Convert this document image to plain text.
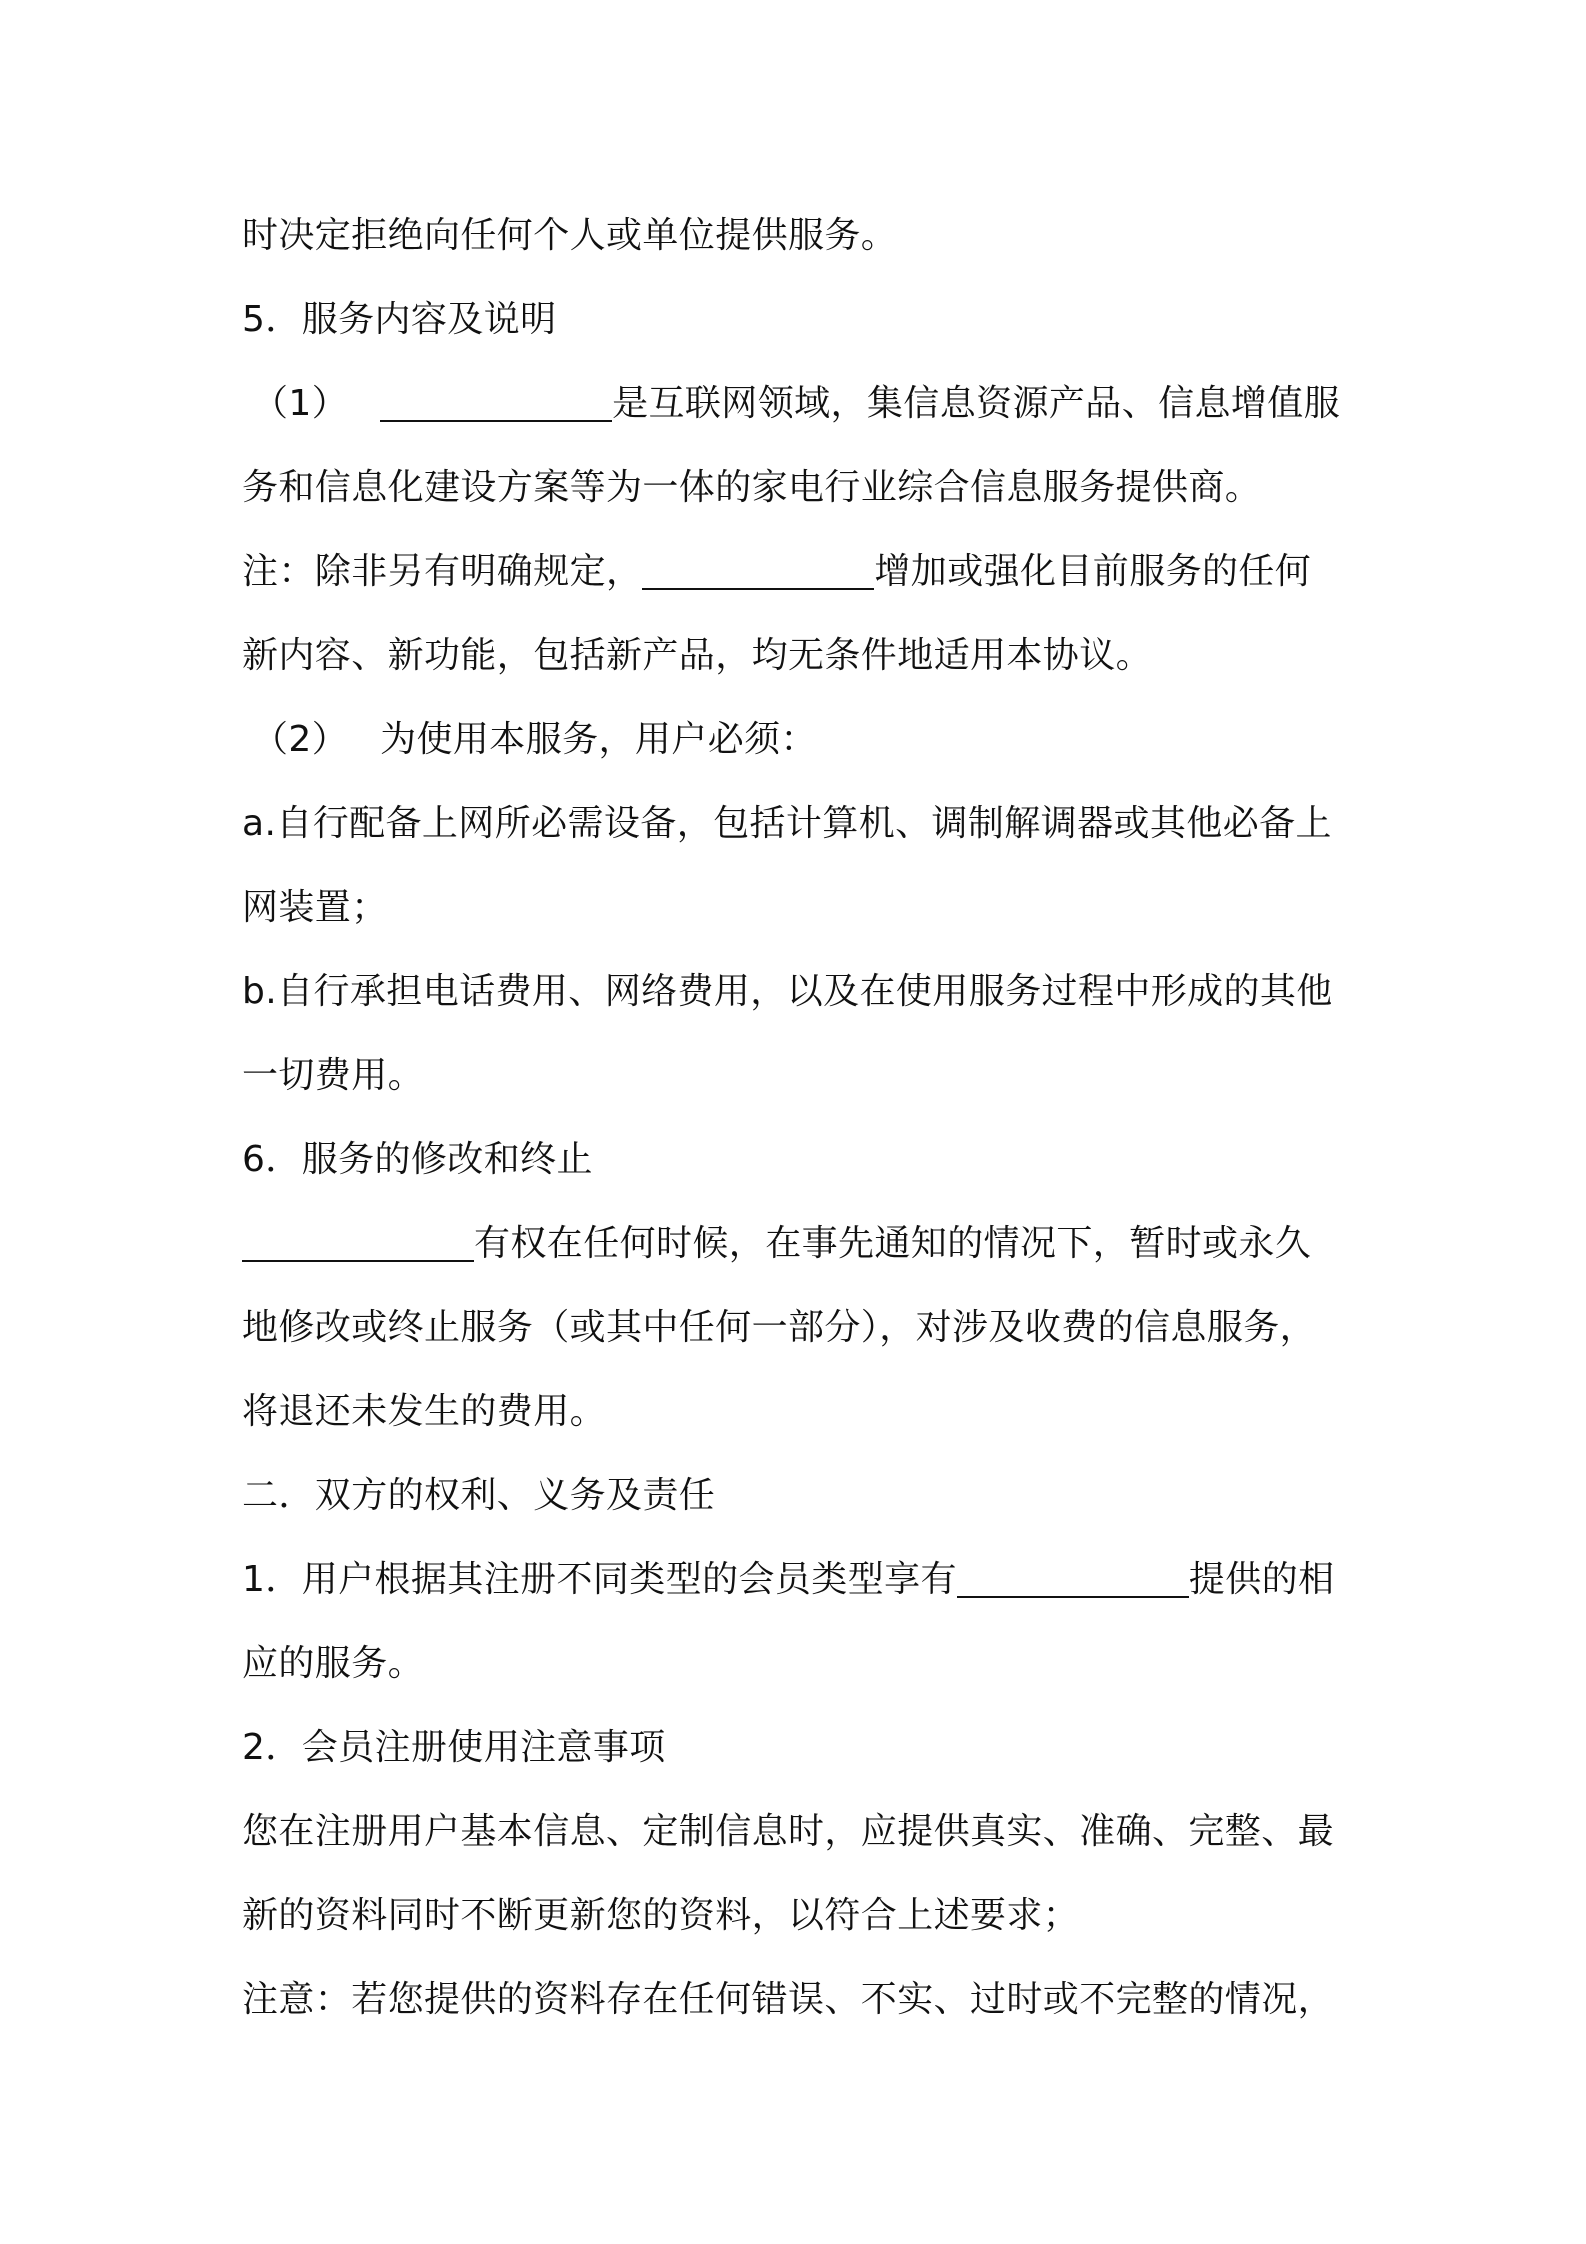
时决定拒绝向任何个人或单位提供服务。
5．服务内容及说明
（1）	是互联网领域，集信息资源产品、信息增值服
务和信息化建设方案等为一体的家电行业综合信息服务提供商。
注：除非另有明确规定，	增加或强化目前服务的任何
新内容、新功能，包括新产品，均无条件地适用本协议。
（2） 为使用本服务，用户必须：
a.自行配备上网所必需设备，包括计算机、调制解调器或其他必备上
网装置；
b.自行承担电话费用、网络费用，以及在使用服务过程中形成的其他
一切费用。
6．服务的修改和终止
有权在任何时候，在事先通知的情况下，暂时或永久
地修改或终止服务（或其中任何一部分），对涉及收费的信息服务，
将退还未发生的费用。
二．双方的权利、义务及责任
1．用户根据其注册不同类型的会员类型享有	提供的相
应的服务。
2．会员注册使用注意事项
您在注册用户基本信息、定制信息时，应提供真实、准确、完整、最
新的资料同时不断更新您的资料，以符合上述要求；
注意：若您提供的资料存在任何错误、不实、过时或不完整的情况，
